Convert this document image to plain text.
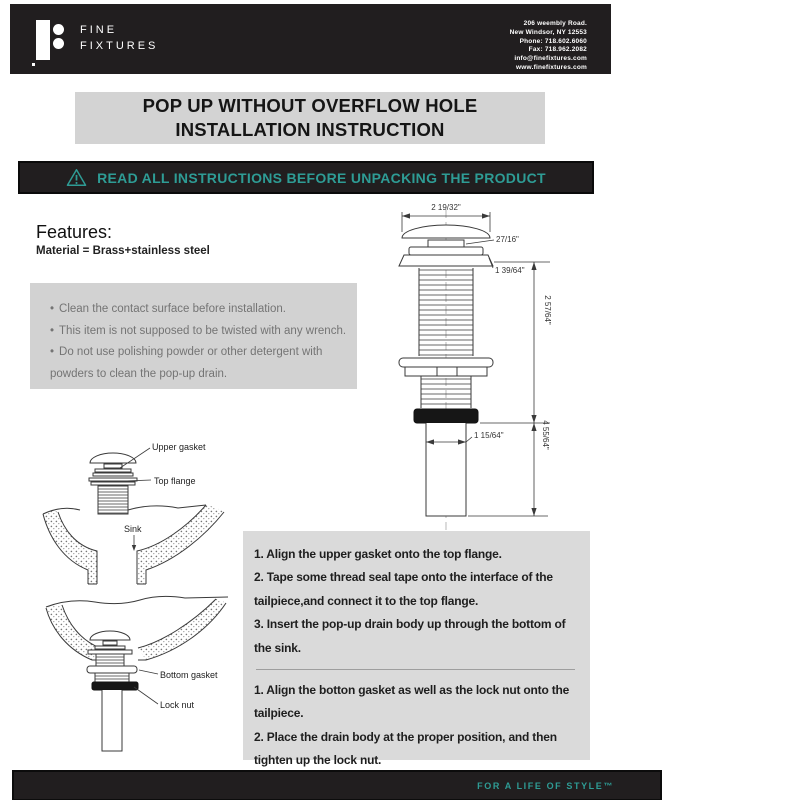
FINE
FIXTURES
206 weembly Road.
New Windsor, NY 12553
Phone: 718.602.6060
Fax: 718.962.2082
info@finefixtures.com
www.finefixtures.com
POP UP WITHOUT OVERFLOW HOLE
INSTALLATION INSTRUCTION
READ ALL INSTRUCTIONS BEFORE UNPACKING THE PRODUCT
Features:

Material = Brass+stainless steel

• Clean the contact surface before installation.

• This item is not supposed to be twisted with any wrench.

• Do not use polishing powder or other detergent with powders to clean the pop-up drain.

2 19/32"
27/16"
1 39/64"
2 57/64"
4 55/64"
1 15/64"
Upper gasket
Top flange
Sink
Bottom gasket
Lock nut

1. Align the upper gasket onto the top flange.

2. Tape some thread seal tape onto the interface of the tailpiece,and connect it to the top flange.

3. Insert the pop-up drain body up through the bottom of the sink.

1. Align the botton gasket as well as the lock nut onto the tailpiece.

2. Place the drain body at the proper position, and then tighten up the lock nut.

FOR A LIFE OF STYLE™
